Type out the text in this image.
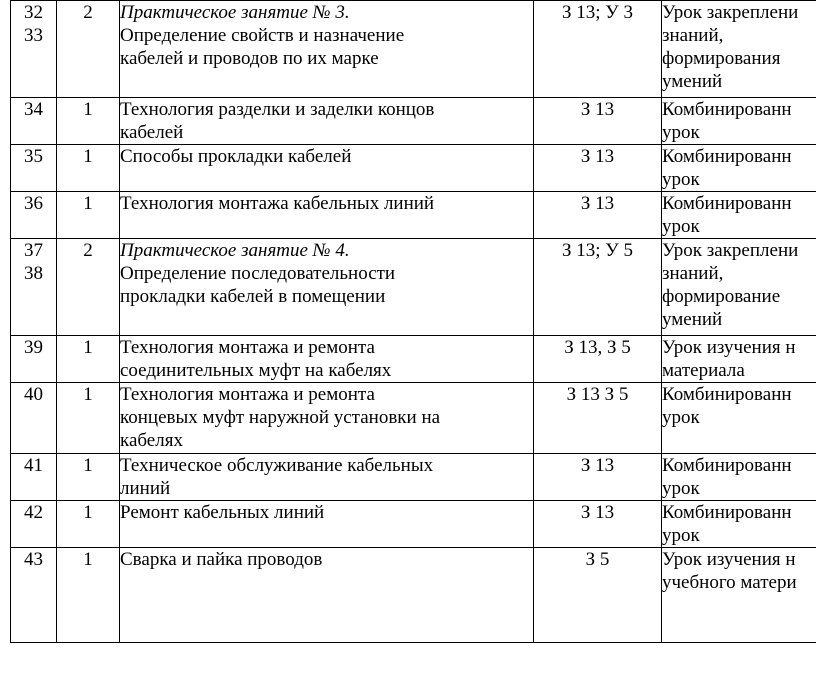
32
33	2	Практическое занятие № 3.
Определение свойств и назначение
кабелей и проводов по их марке	З 13; У 3	Урок закреплени
знаний,
формирования
умений

34	1	Технология разделки и заделки концов
кабелей	З 13	Комбинированн
урок

35	1	Способы прокладки кабелей	З 13	Комбинированн
урок

36	1	Технология монтажа кабельных линий	З 13	Комбинированн
урок

37
38	2	Практическое занятие № 4.
Определение последовательности
прокладки кабелей в помещении	З 13; У 5	Урок закреплени
знаний,
формирование
умений

39	1	Технология монтажа и ремонта
соединительных муфт на кабелях	З 13, З 5	Урок изучения н
материала

40	1	Технология монтажа и ремонта
концевых муфт наружной установки на
кабелях	З 13 З 5	Комбинированн
урок

41	1	Техническое обслуживание кабельных
линий	З 13	Комбинированн
урок

42	1	Ремонт кабельных линий	З 13	Комбинированн
урок

43	1	Сварка и пайка проводов	З 5	Урок изучения н
учебного матери
